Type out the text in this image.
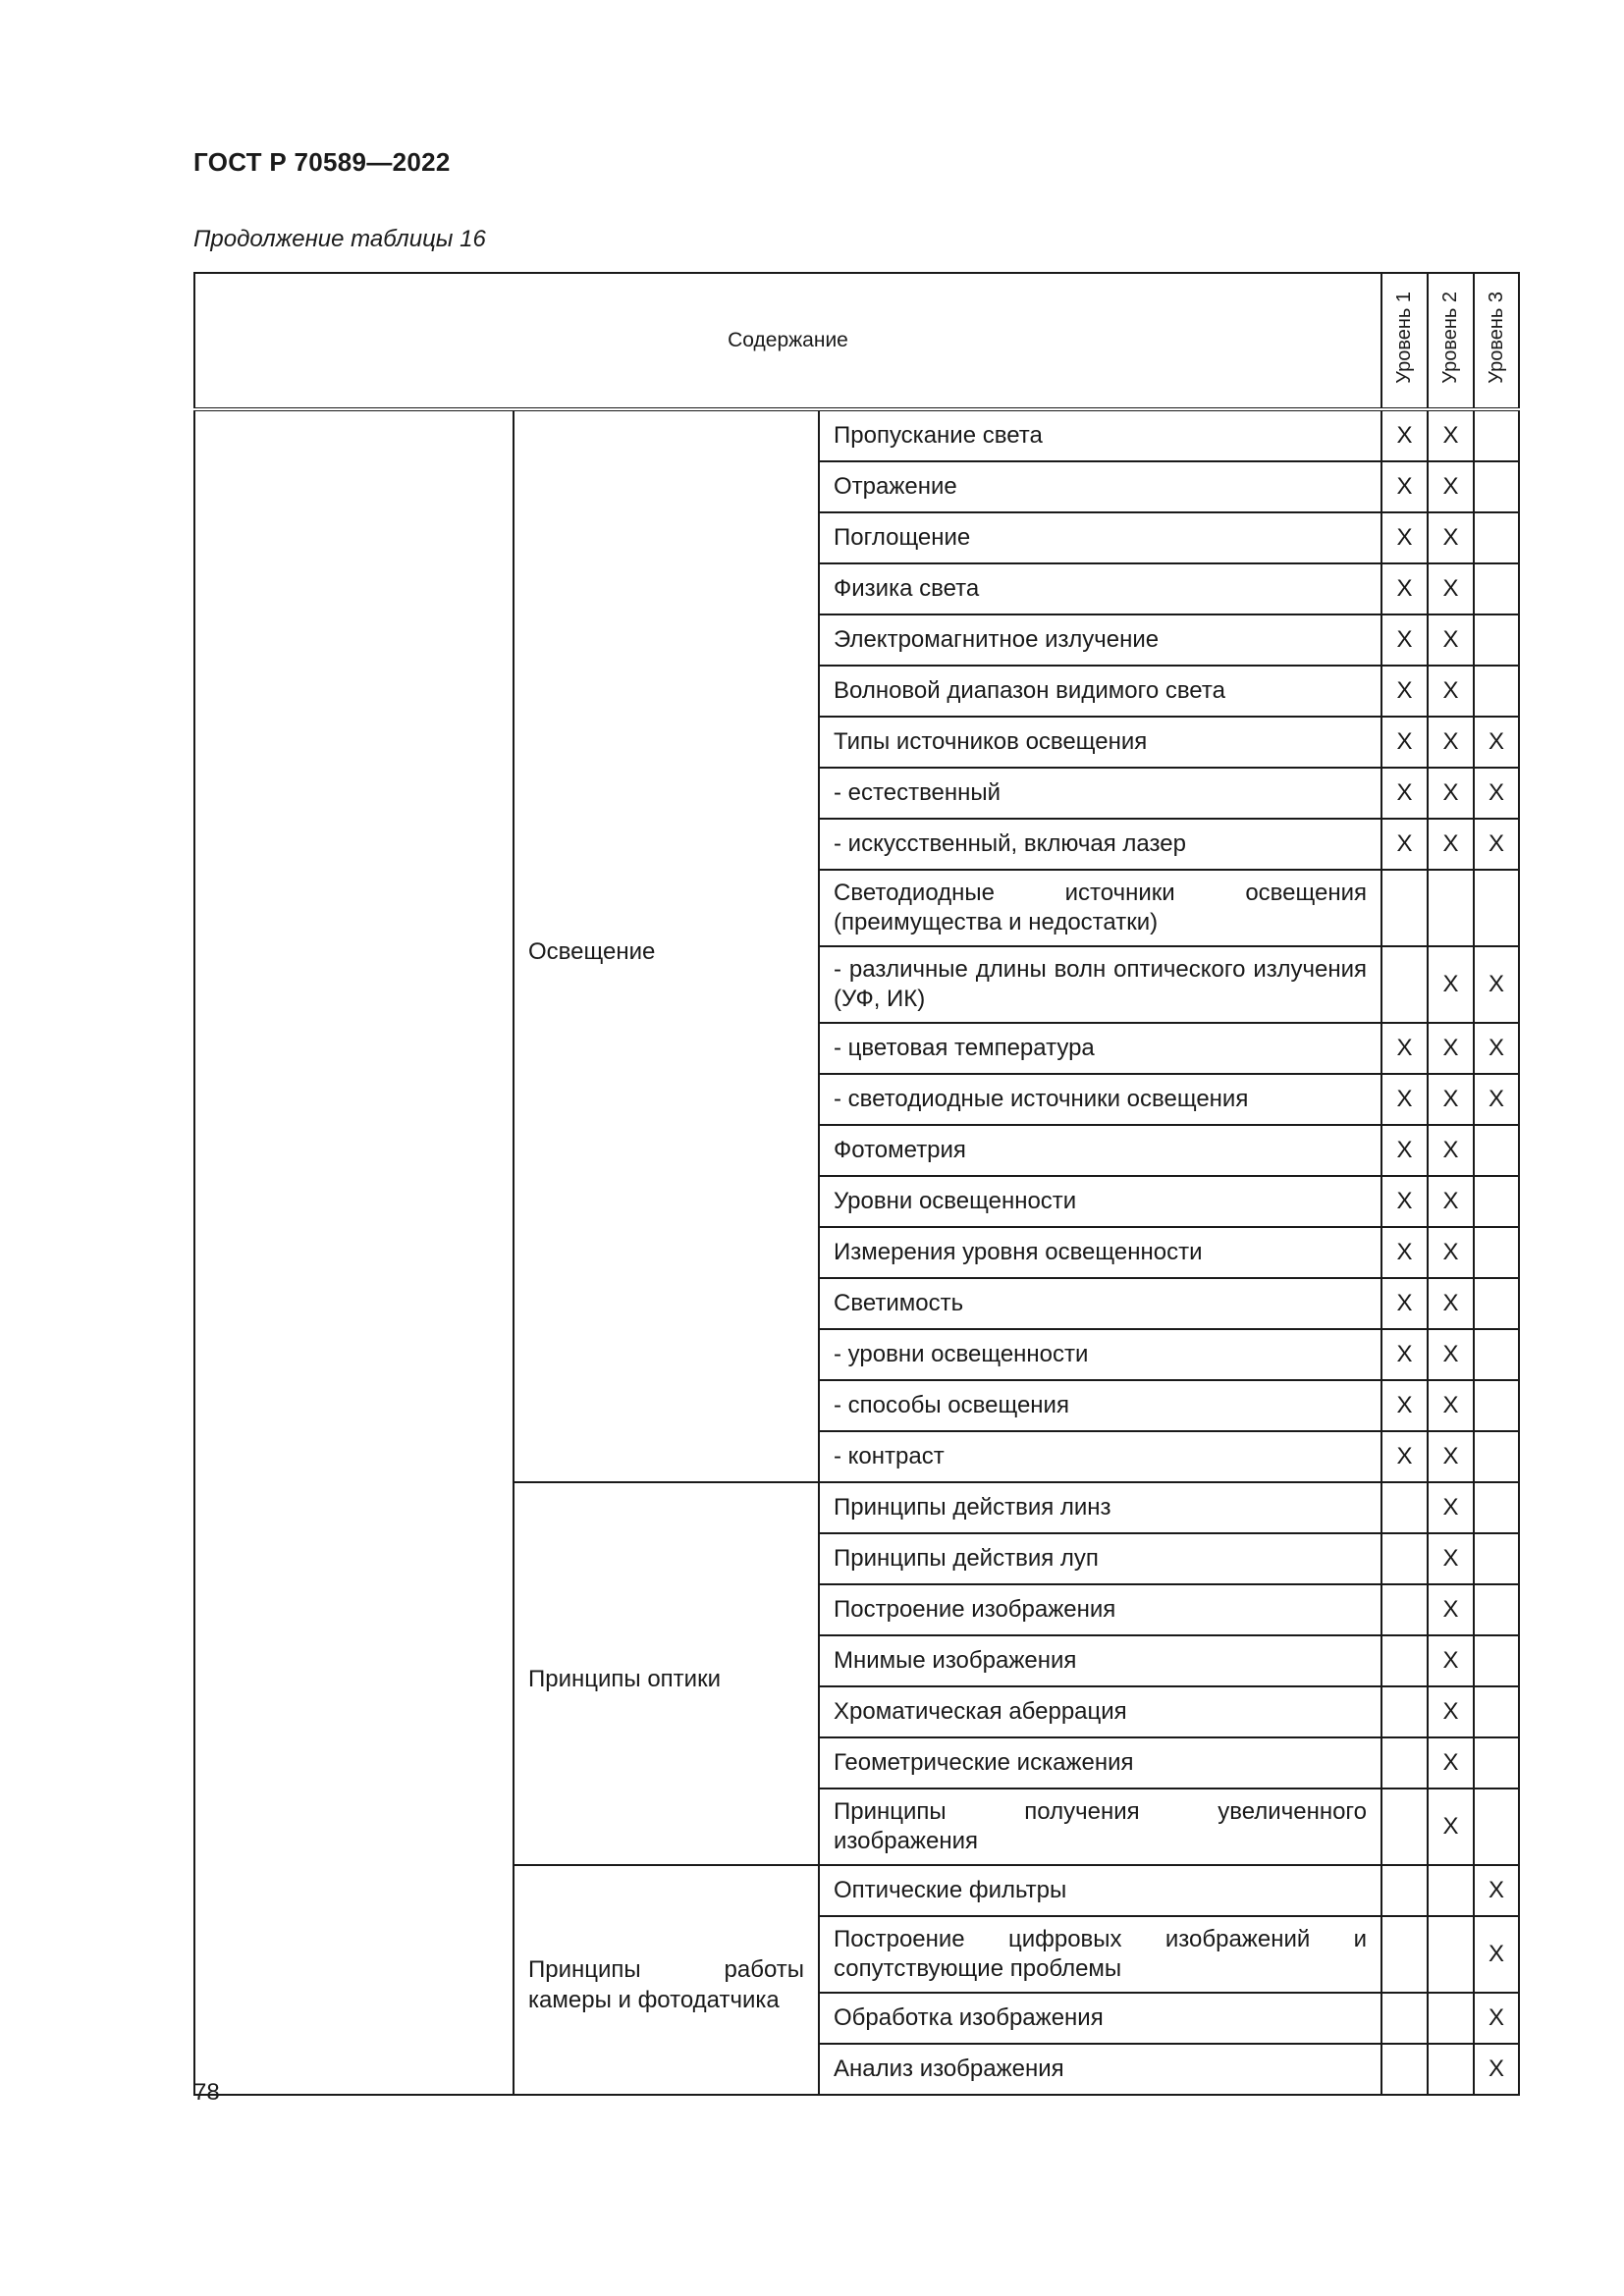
ГОСТ Р 70589—2022
Продолжение таблицы 16
Содержание			Уровень 1	Уровень 2	Уровень 3
	Освещение	Пропускание света	X	X	
		Отражение	X	X	
		Поглощение	X	X	
		Физика света	X	X	
		Электромагнитное излучение	X	X	
		Волновой диапазон видимого света	X	X	
		Типы источников освещения	X	X	X
		- естественный	X	X	X
		- искусственный, включая лазер	X	X	X
		Светодиодные источники освещения (преимущества и недостатки)			
		- различные длины волн оптического излучения (УФ, ИК)		X	X
		- цветовая температура	X	X	X
		- светодиодные источники освещения	X	X	X
		Фотометрия	X	X	
		Уровни освещенности	X	X	
		Измерения уровня освещенности	X	X	
		Светимость	X	X	
		- уровни освещенности	X	X	
		- способы освещения	X	X	
		- контраст	X	X	
	Принципы оптики	Принципы действия линз		X	
		Принципы действия луп		X	
		Построение изображения		X	
		Мнимые изображения		X	
		Хроматическая аберрация		X	
		Геометрические искажения		X	
		Принципы получения увеличенного изображения		X	
	Принципы работы камеры и фотодатчика	Оптические фильтры			X
		Построение цифровых изображений и сопутствующие проблемы			X
		Обработка изображения			X
		Анализ изображения			X
78
